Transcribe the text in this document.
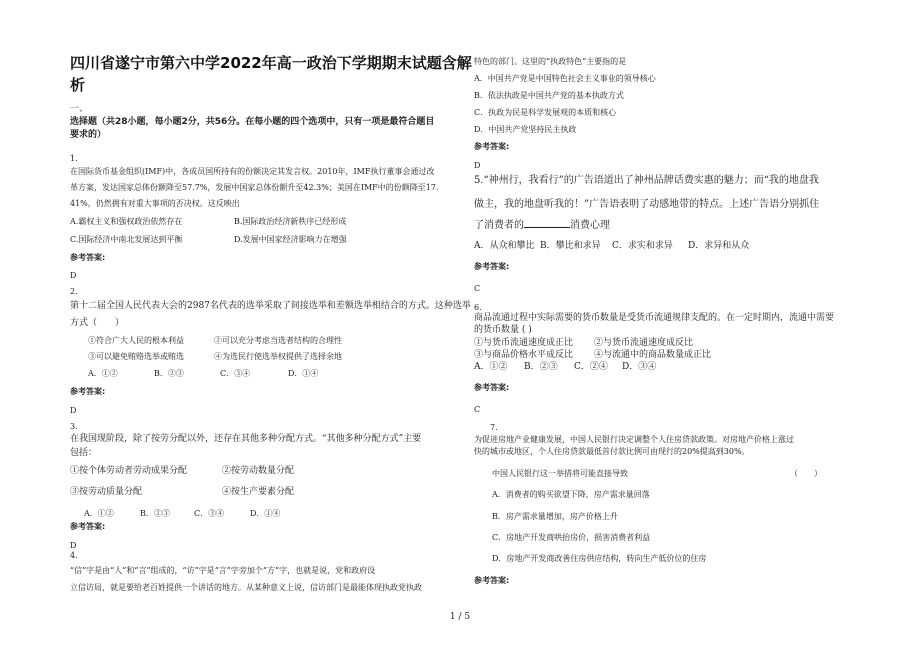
四川省遂宁市第六中学2022年高一政治下学期期末试题含解
析
一、
选择题（共28小题，每小题2分，共56分。在每小题的四个选项中，只有一项是最符合题目
要求的）
1.
在国际货币基金组织(IMF)中，各成员国所持有的份额决定其发言权。2010年，IMF执行董事会通过改
革方案，发达国家总体份额降至57.7%，发展中国家总体份额升至42.3%；美国在IMF中的份额降至17.
41%，仍然拥有对重大事项的否决权。这反映出
A.霸权主义和强权政治依然存在	B.国际政治经济新秩序已经形成
C.国际经济中南北发展达到平衡	D.发展中国家经济影响力在增强
参考答案:
D
2.
第十二届全国人民代表大会的2987名代表的选举采取了间接选举和差额选举相结合的方式。这种选举
方式（　　）
①符合广大人民的根本利益	②可以充分考虑当选者结构的合理性
③可以避免贿赂选举或贿选	④为选民行使选举权提供了选择余地
A．①②	B．②③	C．③④	D．①④
参考答案:
D
3.
在我国现阶段，除了按劳分配以外，还存在其他多种分配方式。“其他多种分配方式”主要
包括：
①按个体劳动者劳动成果分配	②按劳动数量分配
③按劳动质量分配	④按生产要素分配
A．①②	B．②③	C．③④	D．①④
参考答案:
D
4.
“信”字是由“人”和“言”组成的，“访”字是“言”字旁加个“方”字，也就是说，党和政府设
立信访局，就是要给老百姓提供一个讲话的地方。从某种意义上说，信访部门是最能体现执政党执政
特色的部门。这里的“执政特色”主要指的是
A．中国共产党是中国特色社会主义事业的领导核心
B．依法执政是中国共产党的基本执政方式
C．执政为民是科学发展观的本质和核心
D．中国共产党坚持民主执政
参考答案:
D
5.“神州行，我看行”的广告语道出了神州品牌话费实惠的魅力；而“我的地盘我
做主，我的地盘听我的！”广告语表明了动感地带的特点。上述广告语分别抓住
了消费者的	消费心理
A．从众和攀比 B．攀比和求异 C．求实和求异 D．求异和从众
参考答案:
C
6.
商品流通过程中实际需要的货币数量是受货币流通规律支配的。在一定时期内，流通中需要
的货币数量 ( )
①与货币流通速度成正比 ②与货币流通速度成反比
③与商品价格水平成反比 ④与流通中的商品数量成正比
A．①② B．②③ C．②④ D．③④
参考答案:
C
7.
为促进房地产业健康发展，中国人民银行决定调整个人住房贷款政策。对房地产价格上涨过
快的城市或地区，个人住房贷款最低首付款比例可由现行的20%提高到30%。
中国人民银行这一举措将可能直接导致	（　　）
A．消费者的购买欲望下降，房产需求量回落
B．房产需求量增加，房产价格上升
C．房地产开发商哄抬房价，损害消费者利益
D．房地产开发商改善住房供应结构，转向生产低价位的住房
参考答案:
1 / 5
